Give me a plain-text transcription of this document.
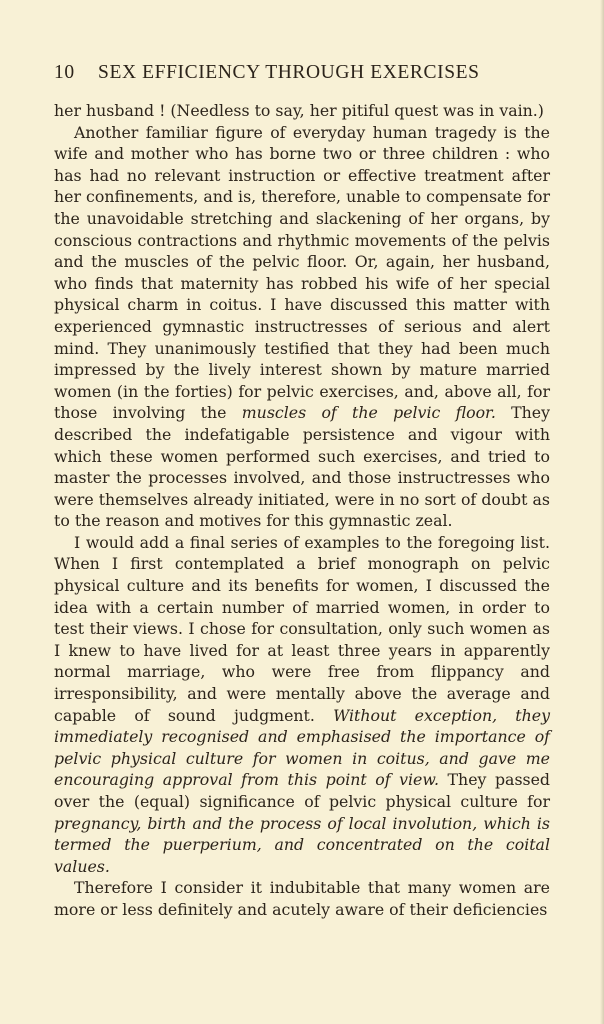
10	SEX EFFICIENCY THROUGH EXERCISES

her husband ! (Needless to say, her pitiful quest was in vain.)

Another familiar figure of everyday human tragedy is the wife and mother who has borne two or three children : who has had no relevant instruction or effective treatment after her confinements, and is, therefore, unable to compensate for the unavoidable stretching and slackening of her organs, by conscious contractions and rhythmic movements of the pelvis and the muscles of the pelvic floor. Or, again, her husband, who finds that maternity has robbed his wife of her special physical charm in coitus. I have discussed this matter with experienced gymnastic instructresses of serious and alert mind. They unanimously testified that they had been much impressed by the lively interest shown by mature married women (in the forties) for pelvic exercises, and, above all, for those involving the muscles of the pelvic floor. They described the indefatigable persistence and vigour with which these women performed such exercises, and tried to master the processes involved, and those instructresses who were themselves already initiated, were in no sort of doubt as to the reason and motives for this gymnastic zeal.

I would add a final series of examples to the foregoing list. When I first contemplated a brief monograph on pelvic physical culture and its benefits for women, I discussed the idea with a certain number of married women, in order to test their views. I chose for consultation, only such women as I knew to have lived for at least three years in apparently normal marriage, who were free from flippancy and irresponsibility, and were mentally above the average and capable of sound judgment. Without exception, they immediately recognised and emphasised the importance of pelvic physical culture for women in coitus, and gave me encouraging approval from this point of view. They passed over the (equal) significance of pelvic physical culture for pregnancy, birth and the process of local involution, which is termed the puerperium, and concentrated on the coital values.

Therefore I consider it indubitable that many women are more or less definitely and acutely aware of their deficiencies
